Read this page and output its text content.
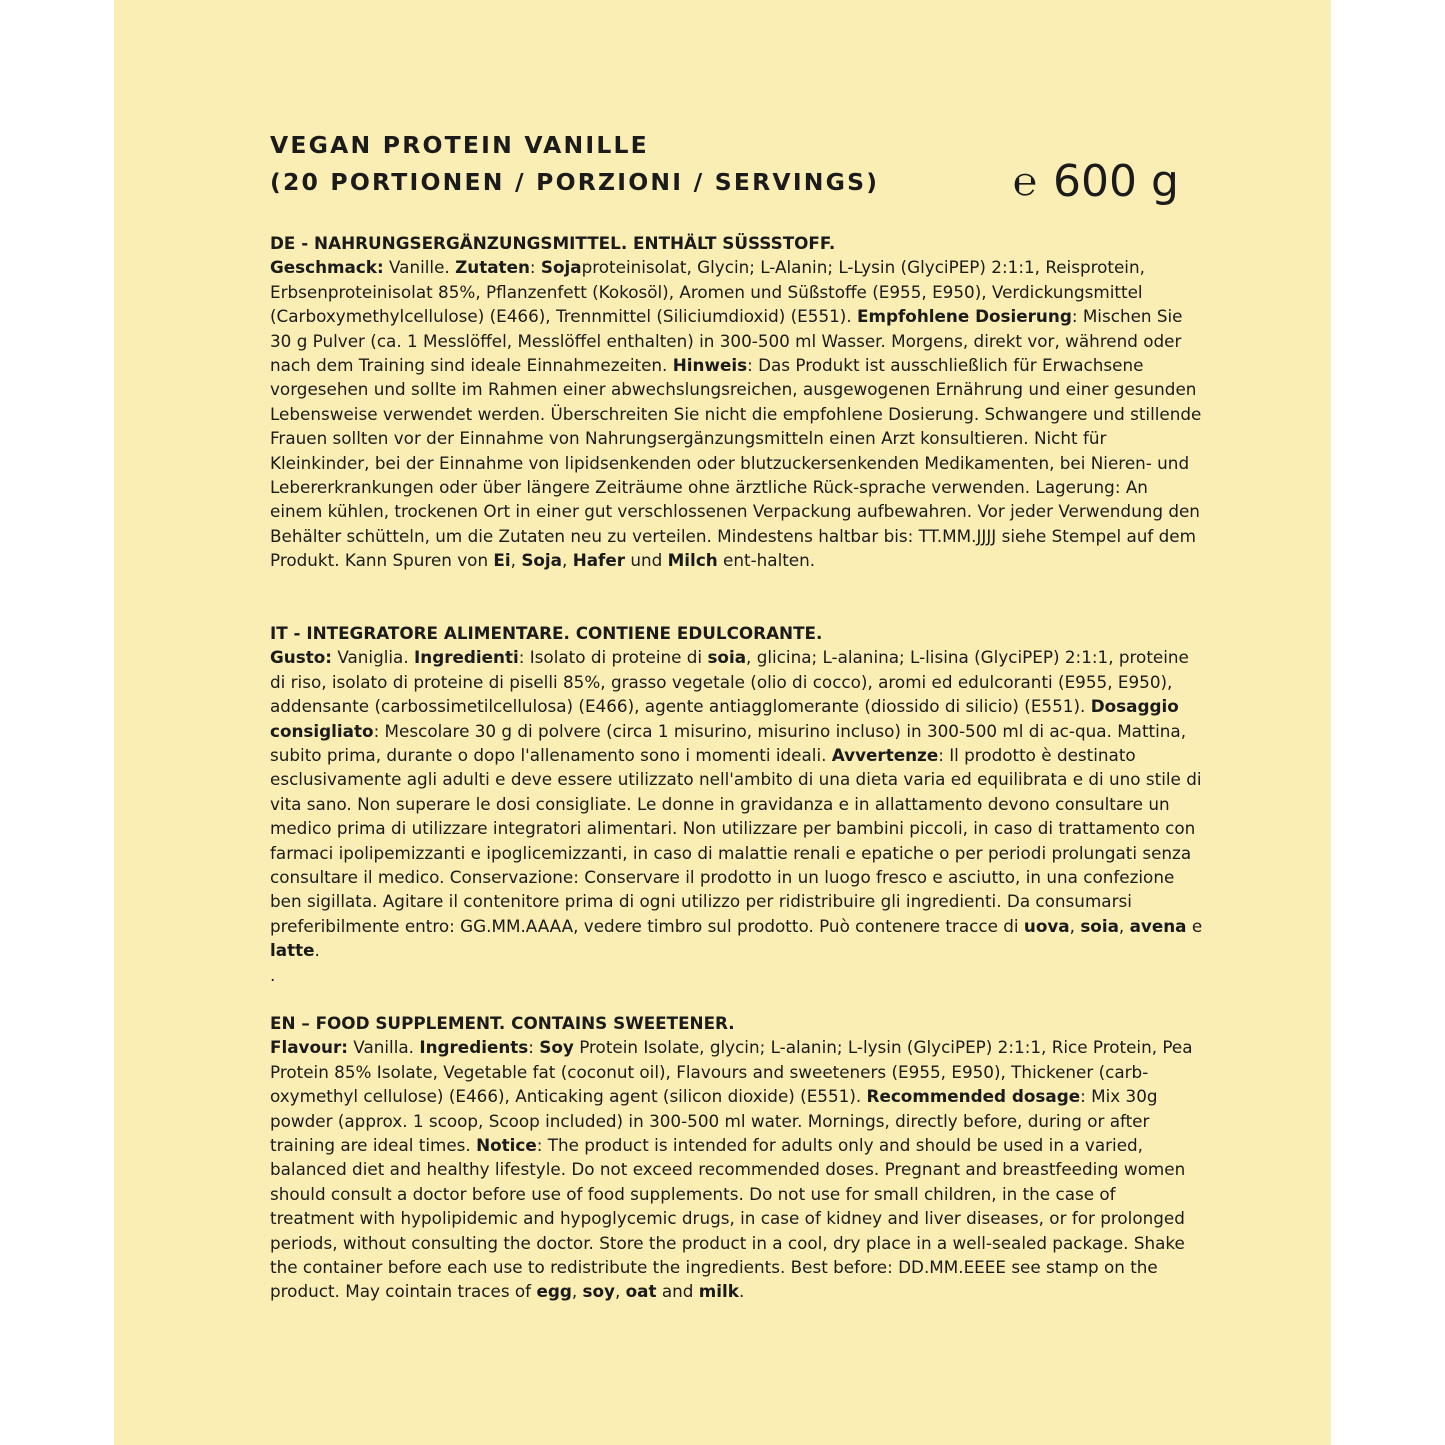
VEGAN PROTEIN VANILLE
(20 PORTIONEN / PORZIONI / SERVINGS)	℮ 600 g

DE - NAHRUNGSERGÄNZUNGSMITTEL. ENTHÄLT SÜSSSTOFF.

Geschmack: Vanille. Zutaten: Sojaproteinisolat, Glycin; L-Alanin; L-Lysin (GlyciPEP) 2:1:1, Reisprotein, Erbsenproteinisolat 85%, Pflanzenfett (Kokosöl), Aromen und Süßstoffe (E955, E950), Verdickungsmittel (Carboxymethylcellulose) (E466), Trennmittel (Siliciumdioxid) (E551). Empfohlene Dosierung: Mischen Sie 30 g Pulver (ca. 1 Messlöffel, Messlöffel enthalten) in 300-500 ml Wasser. Morgens, direkt vor, während oder nach dem Training sind ideale Einnahmezeiten. Hinweis: Das Produkt ist ausschließlich für Erwachsene vorgesehen und sollte im Rahmen einer abwechslungsreichen, ausgewogenen Ernährung und einer gesunden Lebensweise verwendet werden. Überschreiten Sie nicht die empfohlene Dosierung. Schwangere und stillende Frauen sollten vor der Einnahme von Nahrungsergänzungsmitteln einen Arzt konsultieren. Nicht für Kleinkinder, bei der Einnahme von lipidsenkenden oder blutzuckersenkenden Medikamenten, bei Nieren- und Lebererkrankungen oder über längere Zeiträume ohne ärztliche Rück-sprache verwenden. Lagerung: An einem kühlen, trockenen Ort in einer gut verschlossenen Verpackung aufbewahren. Vor jeder Verwendung den Behälter schütteln, um die Zutaten neu zu verteilen. Mindestens haltbar bis: TT.MM.JJJJ siehe Stempel auf dem Produkt. Kann Spuren von Ei, Soja, Hafer und Milch ent-halten.

IT - INTEGRATORE ALIMENTARE. CONTIENE EDULCORANTE.

Gusto: Vaniglia. Ingredienti: Isolato di proteine di soia, glicina; L-alanina; L-lisina (GlyciPEP) 2:1:1, proteine di riso, isolato di proteine di piselli 85%, grasso vegetale (olio di cocco), aromi ed edulcoranti (E955, E950), addensante (carbossimetilcellulosa) (E466), agente antiagglomerante (diossido di silicio) (E551). Dosaggio consigliato: Mescolare 30 g di polvere (circa 1 misurino, misurino incluso) in 300-500 ml di ac-qua. Mattina, subito prima, durante o dopo l'allenamento sono i momenti ideali. Avvertenze: Il prodotto è destinato esclusivamente agli adulti e deve essere utilizzato nell'ambito di una dieta varia ed equilibrata e di uno stile di vita sano. Non superare le dosi consigliate. Le donne in gravidanza e in allattamento devono consultare un medico prima di utilizzare integratori alimentari. Non utilizzare per bambini piccoli, in caso di trattamento con farmaci ipolipemizzanti e ipoglicemizzanti, in caso di malattie renali e epatiche o per periodi prolungati senza consultare il medico. Conservazione: Conservare il prodotto in un luogo fresco e asciutto, in una confezione ben sigillata. Agitare il contenitore prima di ogni utilizzo per ridistribuire gli ingredienti. Da consumarsi preferibilmente entro: GG.MM.AAAA, vedere timbro sul prodotto. Può contenere tracce di uova, soia, avena e latte.

.

EN – FOOD SUPPLEMENT. CONTAINS SWEETENER.

Flavour: Vanilla. Ingredients: Soy Protein Isolate, glycin; L-alanin; L-lysin (GlyciPEP) 2:1:1, Rice Protein, Pea Protein 85% Isolate, Vegetable fat (coconut oil), Flavours and sweeteners (E955, E950), Thickener (carb-oxymethyl cellulose) (E466), Anticaking agent (silicon dioxide) (E551). Recommended dosage: Mix 30g powder (approx. 1 scoop, Scoop included) in 300-500 ml water. Mornings, directly before, during or after training are ideal times. Notice: The product is intended for adults only and should be used in a varied, balanced diet and healthy lifestyle. Do not exceed recommended doses. Pregnant and breastfeeding women should consult a doctor before use of food supplements. Do not use for small children, in the case of treatment with hypolipidemic and hypoglycemic drugs, in case of kidney and liver diseases, or for prolonged periods, without consulting the doctor. Store the product in a cool, dry place in a well-sealed package. Shake the container before each use to redistribute the ingredients. Best before: DD.MM.EEEE see stamp on the product. May cointain traces of egg, soy, oat and milk.
